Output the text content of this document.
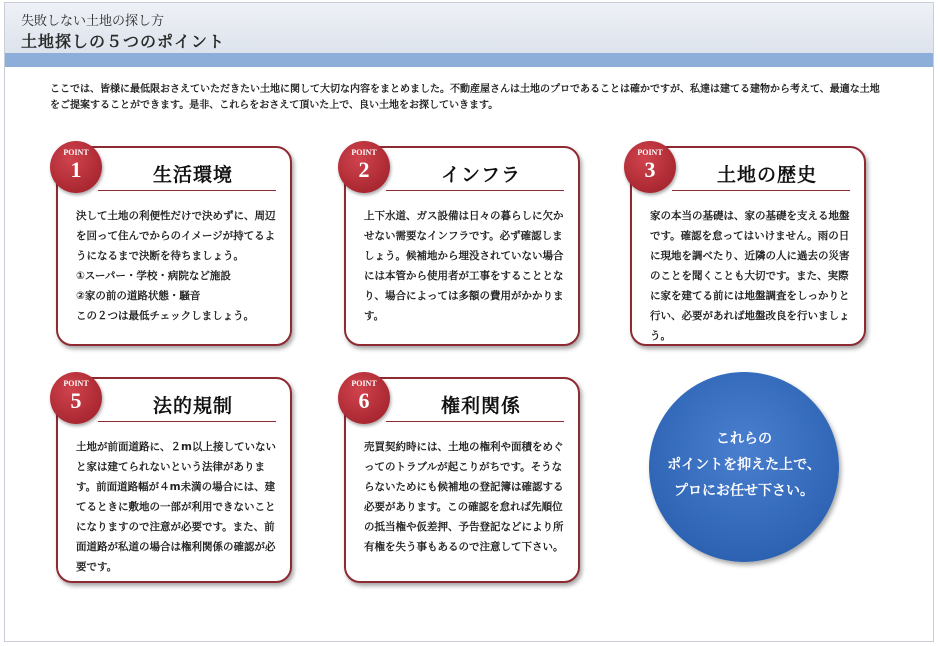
失敗しない土地の探し方
土地探しの５つのポイント
ここでは、皆様に最低限おさえていただきたい土地に関して大切な内容をまとめました。不動産屋さんは土地のプロであることは確かですが、私達は建てる建物から考えて、最適な土地をご提案することができます。是非、これらをおさえて頂いた上で、良い土地をお探していきます。
POINT
1	生活環境
決して土地の利便性だけで決めずに、周辺を回って住んでからのイメージが持てるようになるまで決断を待ちましょう。
①スーパー・学校・病院など施設
②家の前の道路状態・騒音
この２つは最低チェックしましょう。
POINT
2	インフラ
上下水道、ガス設備は日々の暮らしに欠かせない需要なインフラです。必ず確認しましょう。候補地から埋没されていない場合には本管から使用者が工事をすることとなり、場合によっては多額の費用がかかります。
POINT
3	土地の歴史
家の本当の基礎は、家の基礎を支える地盤です。確認を怠ってはいけません。雨の日に現地を調べたり、近隣の人に過去の災害のことを聞くことも大切です。また、実際に家を建てる前には地盤調査をしっかりと行い、必要があれば地盤改良を行いましょう。
POINT
5	法的規制
土地が前面道路に、２m以上接していないと家は建てられないという法律があります。前面道路幅が４m未満の場合には、建てるときに敷地の一部が利用できないことになりますので注意が必要です。また、前面道路が私道の場合は権利関係の確認が必要です。
POINT
6	権利関係
売買契約時には、土地の権利や面積をめぐってのトラブルが起こりがちです。そうならないためにも候補地の登記簿は確認する必要があります。この確認を怠れば先順位の抵当権や仮差押、予告登記などにより所有権を失う事もあるので注意して下さい。
これらの
ポイントを抑えた上で、
プロにお任せ下さい。
